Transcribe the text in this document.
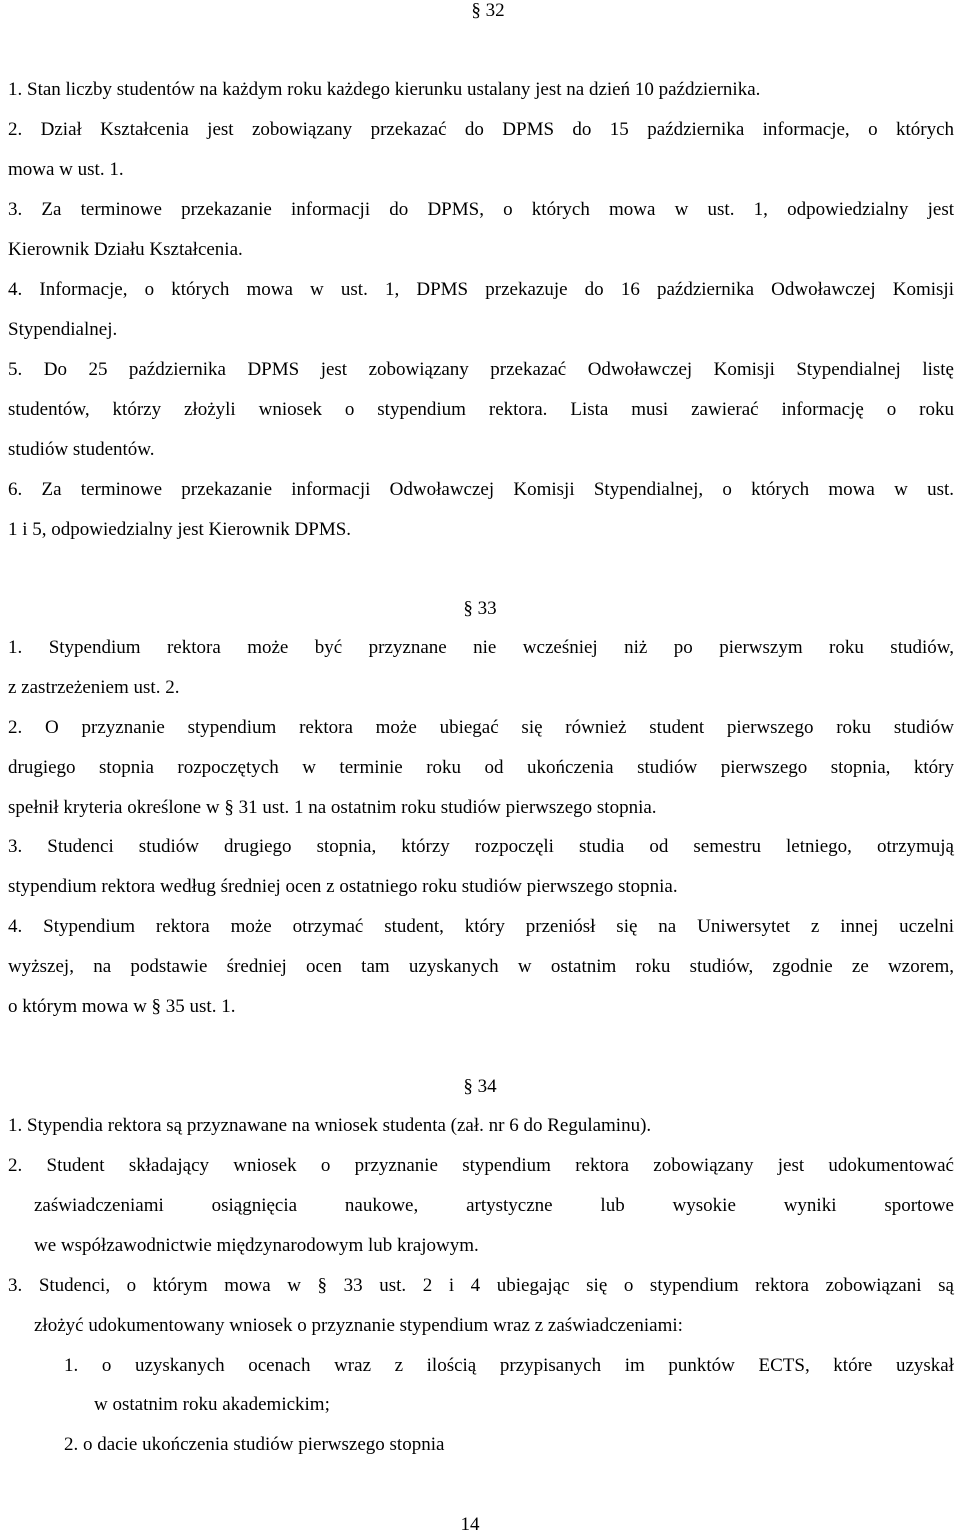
§ 32
§ 33
§ 34
1. Stan liczby studentów na każdym roku każdego kierunku ustalany jest na dzień 10 października.
2. Dział Kształcenia jest zobowiązany przekazać do DPMS do 15 października informacje, o których
mowa w ust. 1.
3. Za terminowe przekazanie informacji do DPMS, o których mowa w ust. 1, odpowiedzialny jest
Kierownik Działu Kształcenia.
4. Informacje, o których mowa w ust. 1, DPMS przekazuje do 16 października Odwoławczej Komisji
Stypendialnej.
5. Do 25 października DPMS jest zobowiązany przekazać Odwoławczej Komisji Stypendialnej listę
studentów, którzy złożyli wniosek o stypendium rektora. Lista musi zawierać informację o roku
studiów studentów.
6. Za terminowe przekazanie informacji Odwoławczej Komisji Stypendialnej, o których mowa w ust.
1 i 5, odpowiedzialny jest Kierownik DPMS.
1. Stypendium rektora może być przyznane nie wcześniej niż po pierwszym roku studiów,
z zastrzeżeniem ust. 2.
2. O przyznanie stypendium rektora może ubiegać się również student pierwszego roku studiów
drugiego stopnia rozpoczętych w terminie roku od ukończenia studiów pierwszego stopnia, który
spełnił kryteria określone w § 31 ust. 1 na ostatnim roku studiów pierwszego stopnia.
3. Studenci studiów drugiego stopnia, którzy rozpoczęli studia od semestru letniego, otrzymują
stypendium rektora według średniej ocen z ostatniego roku studiów pierwszego stopnia.
4. Stypendium rektora może otrzymać student, który przeniósł się na Uniwersytet z innej uczelni
wyższej, na podstawie średniej ocen tam uzyskanych w ostatnim roku studiów, zgodnie ze wzorem,
o którym mowa w § 35 ust. 1.
1. Stypendia rektora są przyznawane na wniosek studenta (zał. nr 6 do Regulaminu).
2. Student składający wniosek o przyznanie stypendium rektora zobowiązany jest udokumentować
zaświadczeniami osiągnięcia naukowe, artystyczne lub wysokie wyniki sportowe
we współzawodnictwie międzynarodowym lub krajowym.
3. Studenci, o którym mowa w § 33 ust. 2 i 4 ubiegając się o stypendium rektora zobowiązani są
złożyć udokumentowany wniosek o przyznanie stypendium wraz z zaświadczeniami:
1. o uzyskanych ocenach wraz z ilością przypisanych im punktów ECTS, które uzyskał
w ostatnim roku akademickim;
2. o dacie ukończenia studiów pierwszego stopnia
14
